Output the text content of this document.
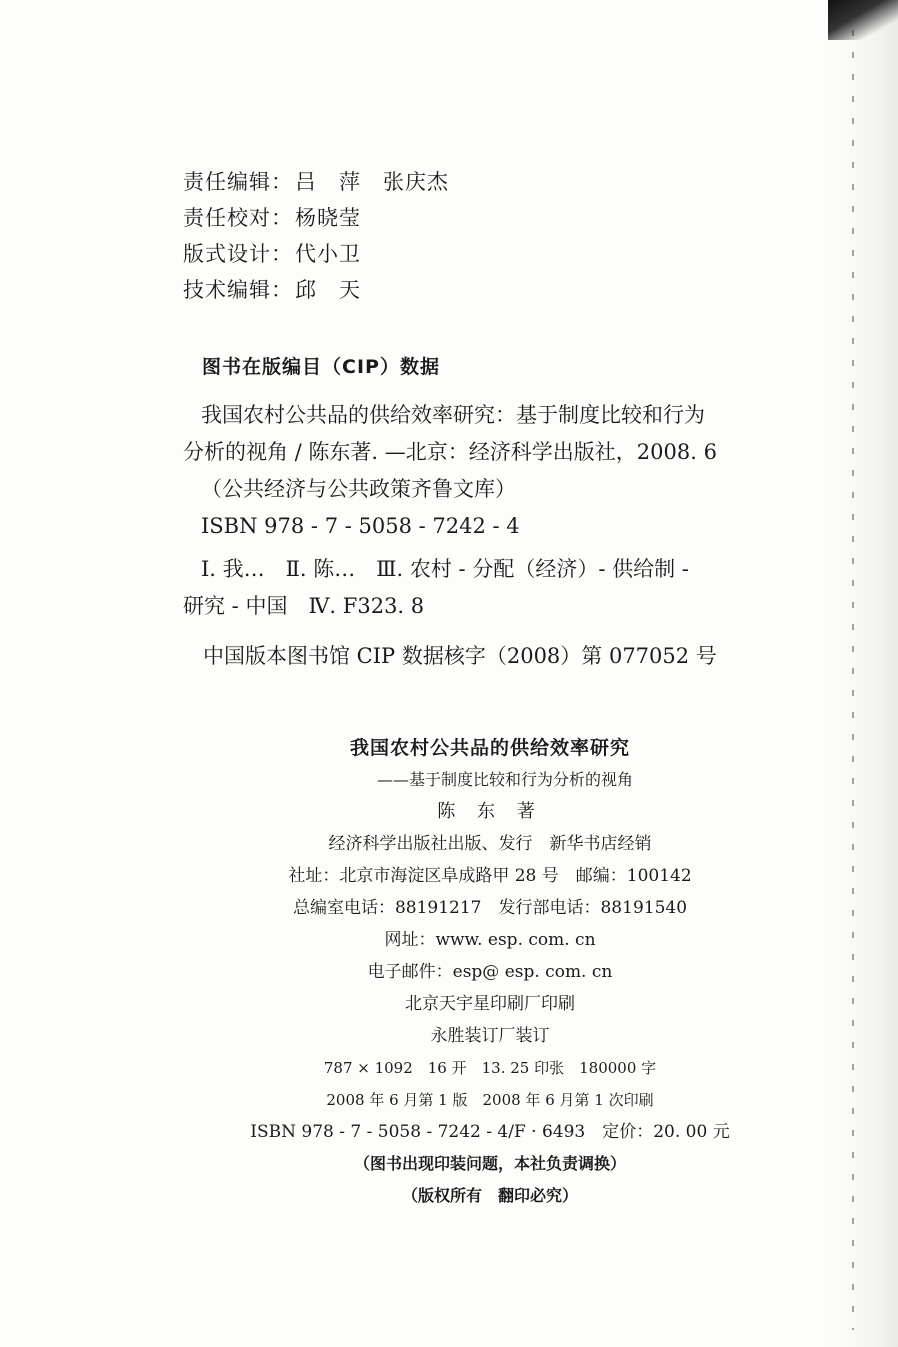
责任编辑： 吕　萍　张庆杰
责任校对： 杨晓莹
版式设计： 代小卫
技术编辑： 邱　天
图书在版编目（CIP）数据

我国农村公共品的供给效率研究：基于制度比较和行为

分析的视角 / 陈东著. —北京：经济科学出版社，2008. 6

（公共经济与公共政策齐鲁文库）

ISBN 978 - 7 - 5058 - 7242 - 4

Ⅰ. 我…　Ⅱ. 陈…　Ⅲ. 农村 - 分配（经济）- 供给制 -

研究 - 中国　Ⅳ. F323. 8

中国版本图书馆 CIP 数据核字（2008）第 077052 号
我国农村公共品的供给效率研究
——基于制度比较和行为分析的视角
陈 东 著
经济科学出版社出版、发行　新华书店经销
社址：北京市海淀区阜成路甲 28 号　邮编：100142
总编室电话：88191217　发行部电话：88191540
网址：www. esp. com. cn
电子邮件：esp@ esp. com. cn
北京天宇星印刷厂印刷
永胜装订厂装订
787 × 1092　16 开　13. 25 印张　180000 字
2008 年 6 月第 1 版　2008 年 6 月第 1 次印刷
ISBN 978 - 7 - 5058 - 7242 - 4/F · 6493　定价：20. 00 元
（图书出现印装问题，本社负责调换）
（版权所有　翻印必究）
